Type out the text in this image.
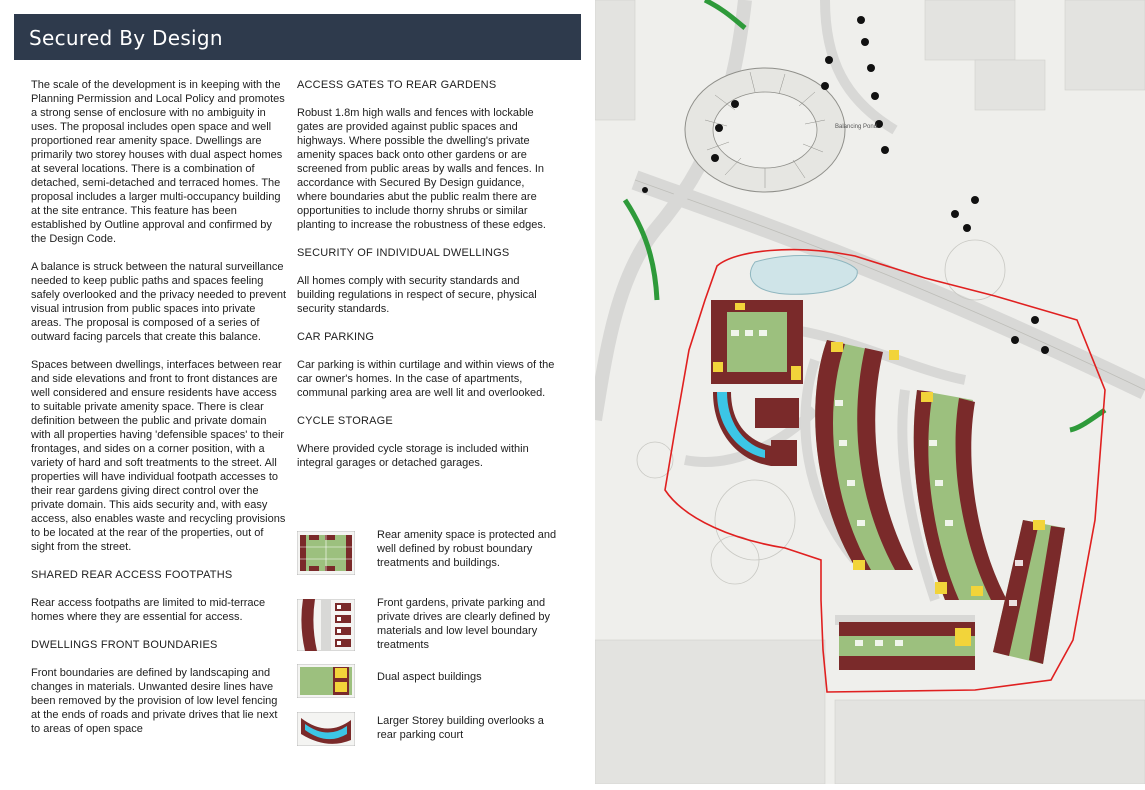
Secured By Design

The scale of the development is in keeping with the Planning Permission and Local Policy and promotes a strong sense of enclosure with no ambiguity in uses. The proposal includes open space and well proportioned rear amenity space. Dwellings are primarily two storey houses with dual aspect homes at several locations. There is a combination of detached, semi-detached and terraced homes. The proposal includes a larger multi-occupancy building at the site entrance. This feature has been established by Outline approval and confirmed by the Design Code.

A balance is struck between the natural surveillance needed to keep public paths and spaces feeling safely overlooked and the privacy needed to prevent visual intrusion from public spaces into private areas. The proposal is composed of a series of outward facing parcels that create this balance.

Spaces between dwellings, interfaces between rear and side elevations and front to front distances are well considered and ensure residents have access to suitable private amenity space. There is clear definition between the public and private domain with all properties having 'defensible spaces' to their frontages, and sides on a corner position, with a variety of hard and soft treatments to the street. All properties will have individual footpath accesses to their rear gardens giving direct control over the private domain. This aids security and, with easy access, also enables waste and recycling provisions to be located at the rear of the properties, out of sight from the street.

SHARED REAR ACCESS FOOTPATHS

Rear access footpaths are limited to mid-terrace homes where they are essential for access.

DWELLINGS FRONT BOUNDARIES

Front boundaries are defined by landscaping and changes in materials. Unwanted desire lines have been removed by the provision of low level fencing at the ends of roads and private drives that lie next to areas of open space

ACCESS GATES TO REAR GARDENS

Robust 1.8m high walls and fences with lockable gates are provided against public spaces and highways. Where possible the dwelling's private amenity spaces back onto other gardens or are screened from public areas by walls and fences. In accordance with Secured By Design guidance, where boundaries abut the public realm there are opportunities to include thorny shrubs or similar planting to increase the robustness of these edges.

SECURITY OF INDIVIDUAL DWELLINGS

All homes comply with security standards and building regulations in respect of secure, physical security standards.

CAR PARKING

Car parking is within curtilage and within views of the car owner's homes. In the case of apartments, communal parking area are well lit and overlooked.

CYCLE STORAGE

Where provided cycle storage is included within integral garages or detached garages.

Rear amenity space is protected and well defined by robust boundary treatments and buildings.
Front gardens, private parking and private drives are clearly defined by materials and low level boundary treatments
Dual aspect buildings
Larger Storey building overlooks a rear parking court
Balancing Pond
